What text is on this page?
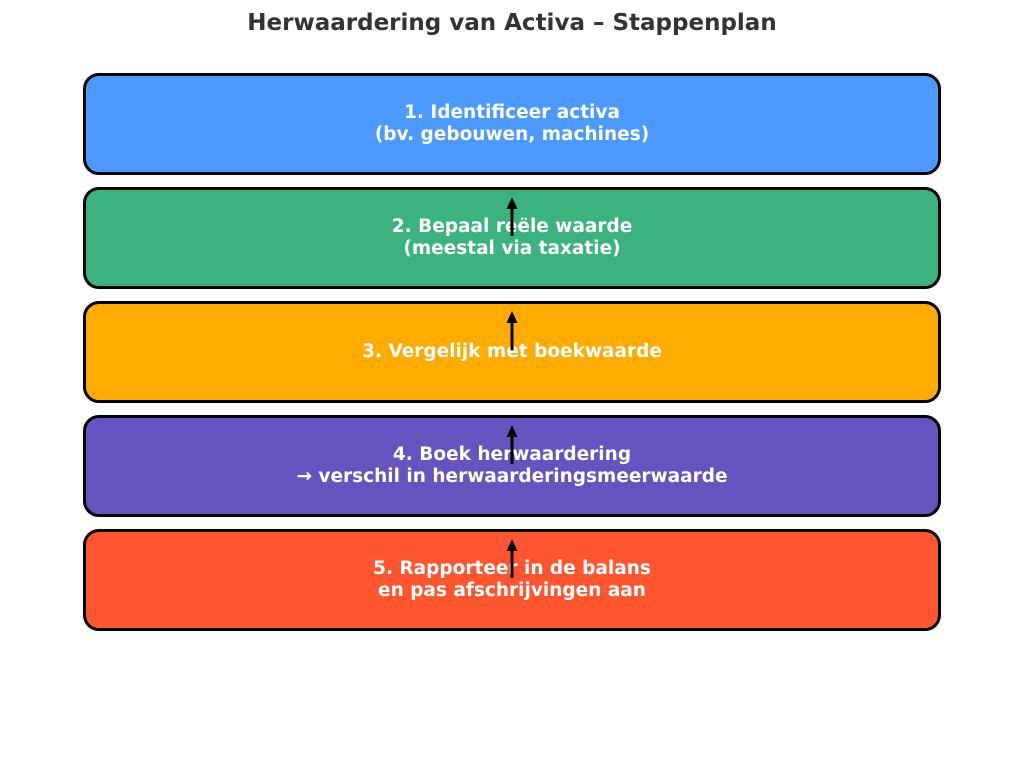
Herwaardering van Activa – Stappenplan
1. Identificeer activa
(bv. gebouwen, machines)
2. Bepaal reële waarde
(meestal via taxatie)
3. Vergelijk met boekwaarde
4. Boek herwaardering
→ verschil in herwaarderingsmeerwaarde
5. Rapporteer in de balans
en pas afschrijvingen aan
